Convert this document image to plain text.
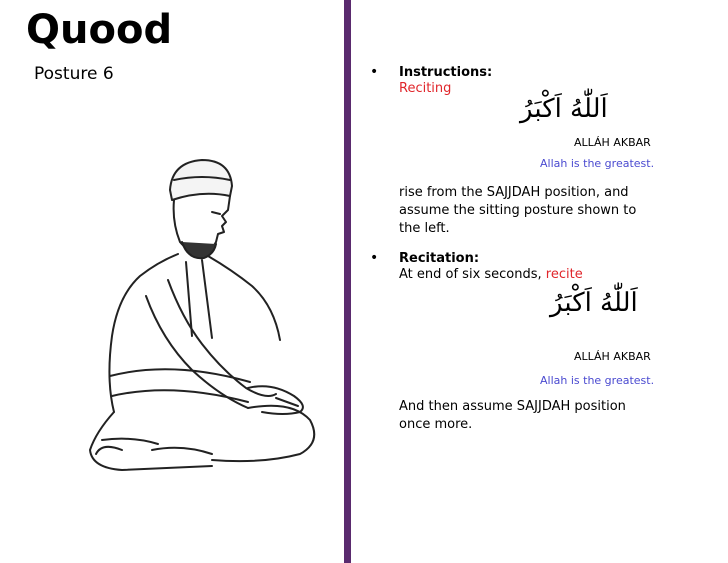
Quood
Posture 6	• Instructions:
Reciting
اَللّٰهُ اَكْبَرُ
ALLÁH AKBAR
Allah is the greatest.
rise from the SAJJDAH position, and
assume the sitting posture shown to
the left.
• Recitation:
At end of six seconds, recite
اَللّٰهُ اَكْبَرُ
ALLÁH AKBAR
Allah is the greatest.
And then assume SAJJDAH position
once more.
